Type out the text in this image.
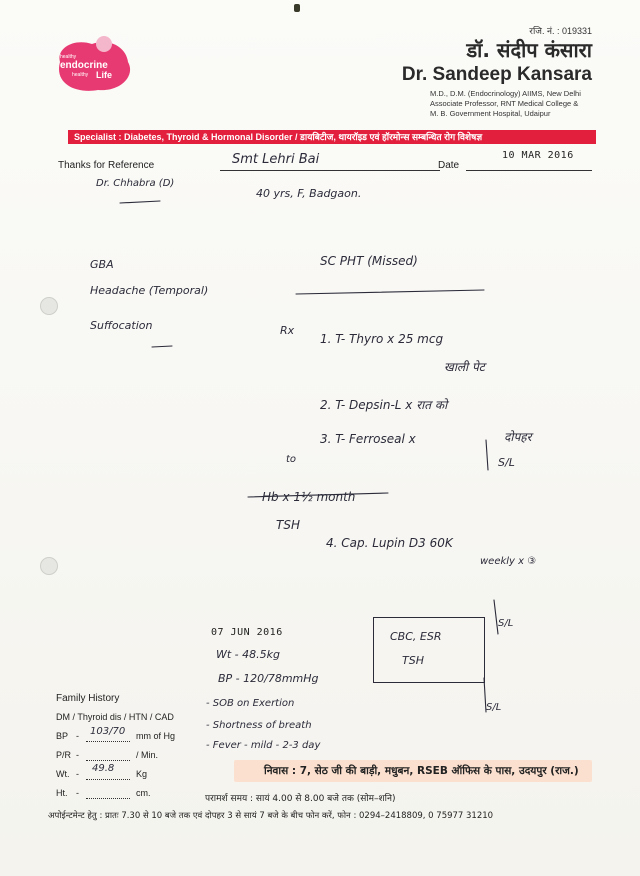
healthy
endocrine
healthy Life
रजि. नं. : 019331
डॉ. संदीप कंसारा
Dr. Sandeep Kansara
M.D., D.M. (Endocrinology) AIIMS, New Delhi
Associate Professor, RNT Medical College &
M. B. Government Hospital, Udaipur
Specialist : Diabetes, Thyroid & Hormonal Disorder / डायबिटीज, थायरॉइड एवं हॉरमोन्स सम्बन्धित रोग विशेषज्ञ
Thanks for Reference	Date
10 MAR 2016
Dr. Chhabra (D)
Smt Lehri Bai
40 yrs, F, Badgaon.
GBA
Headache (Temporal)
Suffocation
SC PHT (Missed)
Rx
1. T- Thyro x 25 mcg
खाली पेट
2. T- Depsin-L x रात को
3. T- Ferroseal x	दोपहर
S/L
to
Hb x 1½ month
TSH
4. Cap. Lupin D3 60K
weekly x ③
07 JUN 2016
Wt - 48.5kg
BP - 120/78mmHg
- SOB on Exertion
- Shortness of breath
- Fever - mild - 2-3 day
CBC, ESR
TSH
S/L
S/L
Family History
DM / Thyroid dis / HTN / CAD
BP - 103/70 mm of Hg
P/R -	/ Min.
Wt. - 49.8 Kg
Ht. -	cm.
निवास : 7, सेठ जी की बाड़ी, मधुबन, RSEB ऑफिस के पास, उदयपुर (राज.)
परामर्श समय : सायं 4.00 से 8.00 बजे तक (सोम–शनि)
अपोईन्टमेन्ट हेतु : प्रातः 7.30 से 10 बजे तक एवं दोपहर 3 से सायं 7 बजे के बीच फोन करें, फोन : 0294–2418809, 0 75977 31210
